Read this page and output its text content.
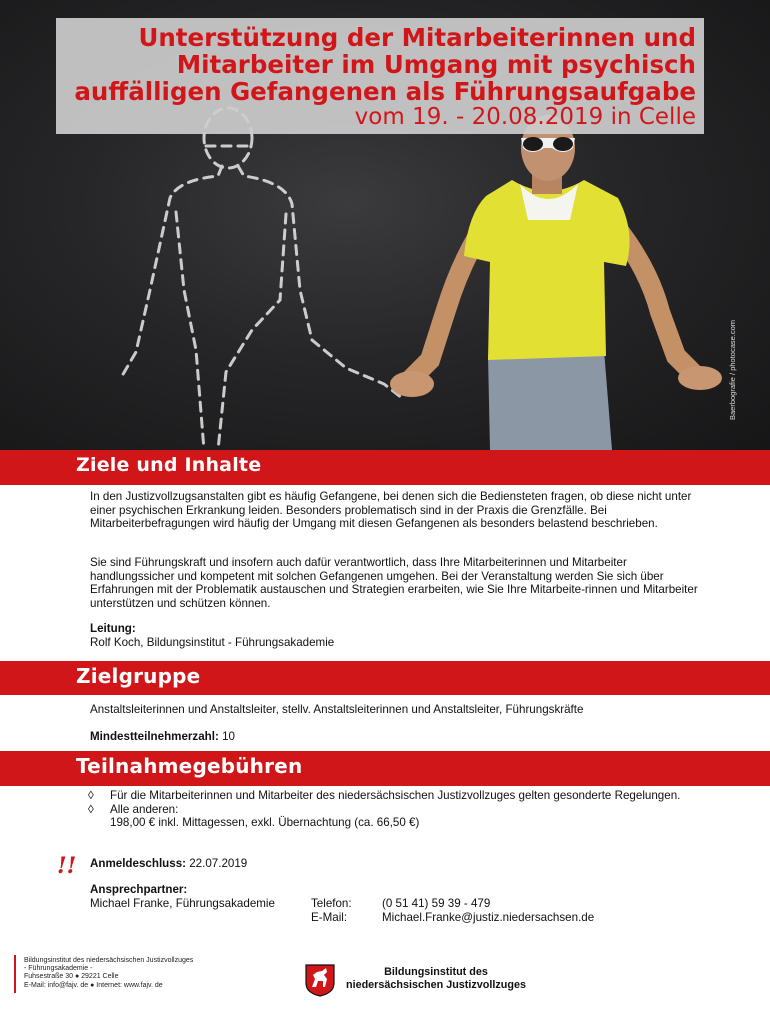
Unterstützung der Mitarbeiterinnen und
Mitarbeiter im Umgang mit psychisch
auffälligen Gefangenen als Führungsaufgabe
vom 19. - 20.08.2019 in Celle
Baerbografie / photocase.com
Ziele und Inhalte
In den Justizvollzugsanstalten gibt es häufig Gefangene, bei denen sich die Bediensteten fragen, ob diese nicht unter einer psychischen Erkrankung leiden. Besonders problematisch sind in der Praxis die Grenzfälle. Bei Mitarbeiterbefragungen wird häufig der Umgang mit diesen Gefangenen als besonders belastend beschrieben.
Sie sind Führungskraft und insofern auch dafür verantwortlich, dass Ihre Mitarbeiterinnen und Mitarbeiter handlungssicher und kompetent mit solchen Gefangenen umgehen. Bei der Veranstaltung werden Sie sich über Erfahrungen mit der Problematik austauschen und Strategien erarbeiten, wie Sie Ihre Mitarbeite-rinnen und Mitarbeiter unterstützen und schützen können.
Leitung:
Rolf Koch, Bildungsinstitut - Führungsakademie
Zielgruppe
Anstaltsleiterinnen und Anstaltsleiter, stellv. Anstaltsleiterinnen und Anstaltsleiter, Führungskräfte
Mindestteilnehmerzahl: 10
Teilnahmegebühren
◊ Für die Mitarbeiterinnen und Mitarbeiter des niedersächsischen Justizvollzuges gelten gesonderte Regelungen.
◊ Alle anderen:
198,00 € inkl. Mittagessen, exkl. Übernachtung (ca. 66,50 €)
!! Anmeldeschluss: 22.07.2019
Ansprechpartner:
Michael Franke, Führungsakademie	Telefon:	(0 51 41) 59 39 - 479
E-Mail:	Michael.Franke@justiz.niedersachsen.de
Bildungsinstitut des niedersächsischen Justizvollzuges
- Führungsakademie -
Fuhsestraße 30 ● 29221 Celle
E-Mail: info@fajv. de ● Internet: www.fajv. de
Bildungsinstitut des
niedersächsischen Justizvollzuges
